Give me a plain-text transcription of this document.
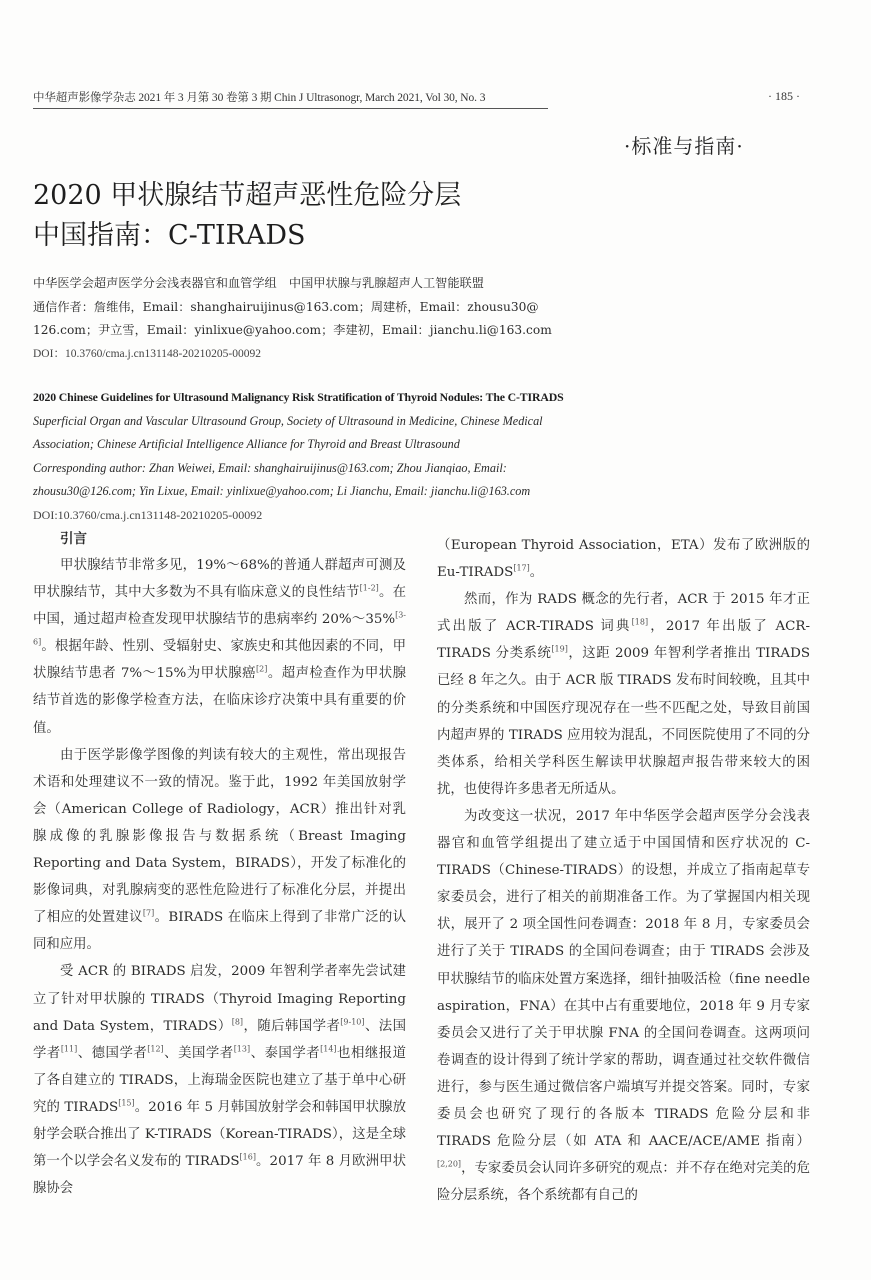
中华超声影像学杂志 2021 年 3 月第 30 卷第 3 期 Chin J Ultrasonogr, March 2021, Vol 30, No. 3	· 185 ·
·标准与指南·
2020 甲状腺结节超声恶性危险分层
中国指南：C-TIRADS
中华医学会超声医学分会浅表器官和血管学组　中国甲状腺与乳腺超声人工智能联盟
通信作者：詹维伟，Email：shanghairuijinus@163.com；周建桥，Email：zhousu30@
126.com；尹立雪，Email：yinlixue@yahoo.com；李建初，Email：jianchu.li@163.com
DOI：10.3760/cma.j.cn131148-20210205-00092
2020 Chinese Guidelines for Ultrasound Malignancy Risk Stratification of Thyroid Nodules: The C-TIRADS
Superficial Organ and Vascular Ultrasound Group, Society of Ultrasound in Medicine, Chinese Medical
Association; Chinese Artificial Intelligence Alliance for Thyroid and Breast Ultrasound
Corresponding author: Zhan Weiwei, Email: shanghairuijinus@163.com; Zhou Jianqiao, Email:
zhousu30@126.com; Yin Lixue, Email: yinlixue@yahoo.com; Li Jianchu, Email: jianchu.li@163.com
DOI:10.3760/cma.j.cn131148-20210205-00092
引言

甲状腺结节非常多见，19%～68%的普通人群超声可测及甲状腺结节，其中大多数为不具有临床意义的良性结节[1-2]。在中国，通过超声检查发现甲状腺结节的患病率约 20%～35%[3-6]。根据年龄、性别、受辐射史、家族史和其他因素的不同，甲状腺结节患者 7%～15%为甲状腺癌[2]。超声检查作为甲状腺结节首选的影像学检查方法，在临床诊疗决策中具有重要的价值。

由于医学影像学图像的判读有较大的主观性，常出现报告术语和处理建议不一致的情况。鉴于此，1992 年美国放射学会（American College of Radiology，ACR）推出针对乳腺成像的乳腺影像报告与数据系统（Breast Imaging Reporting and Data System，BIRADS），开发了标准化的影像词典，对乳腺病变的恶性危险进行了标准化分层，并提出了相应的处置建议[7]。BIRADS 在临床上得到了非常广泛的认同和应用。

受 ACR 的 BIRADS 启发，2009 年智利学者率先尝试建立了针对甲状腺的 TIRADS（Thyroid Imaging Reporting and Data System，TIRADS）[8]，随后韩国学者[9-10]、法国学者[11]、德国学者[12]、美国学者[13]、泰国学者[14]也相继报道了各自建立的 TIRADS，上海瑞金医院也建立了基于单中心研究的 TIRADS[15]。2016 年 5 月韩国放射学会和韩国甲状腺放射学会联合推出了 K-TIRADS（Korean-TIRADS），这是全球第一个以学会名义发布的 TIRADS[16]。2017 年 8 月欧洲甲状腺协会

（European Thyroid Association，ETA）发布了欧洲版的 Eu-TIRADS[17]。

然而，作为 RADS 概念的先行者，ACR 于 2015 年才正式出版了 ACR-TIRADS 词典[18]，2017 年出版了 ACR-TIRADS 分类系统[19]，这距 2009 年智利学者推出 TIRADS 已经 8 年之久。由于 ACR 版 TIRADS 发布时间较晚，且其中的分类系统和中国医疗现况存在一些不匹配之处，导致目前国内超声界的 TIRADS 应用较为混乱，不同医院使用了不同的分类体系，给相关学科医生解读甲状腺超声报告带来较大的困扰，也使得许多患者无所适从。

为改变这一状况，2017 年中华医学会超声医学分会浅表器官和血管学组提出了建立适于中国国情和医疗状况的 C-TIRADS（Chinese-TIRADS）的设想，并成立了指南起草专家委员会，进行了相关的前期准备工作。为了掌握国内相关现状，展开了 2 项全国性问卷调查：2018 年 8 月，专家委员会进行了关于 TIRADS 的全国问卷调查；由于 TIRADS 会涉及甲状腺结节的临床处置方案选择，细针抽吸活检（fine needle aspiration，FNA）在其中占有重要地位，2018 年 9 月专家委员会又进行了关于甲状腺 FNA 的全国问卷调查。这两项问卷调查的设计得到了统计学家的帮助，调查通过社交软件微信进行，参与医生通过微信客户端填写并提交答案。同时，专家委员会也研究了现行的各版本 TIRADS 危险分层和非 TIRADS 危险分层（如 ATA 和 AACE/ACE/AME 指南）[2,20]，专家委员会认同许多研究的观点：并不存在绝对完美的危险分层系统，各个系统都有自己的
